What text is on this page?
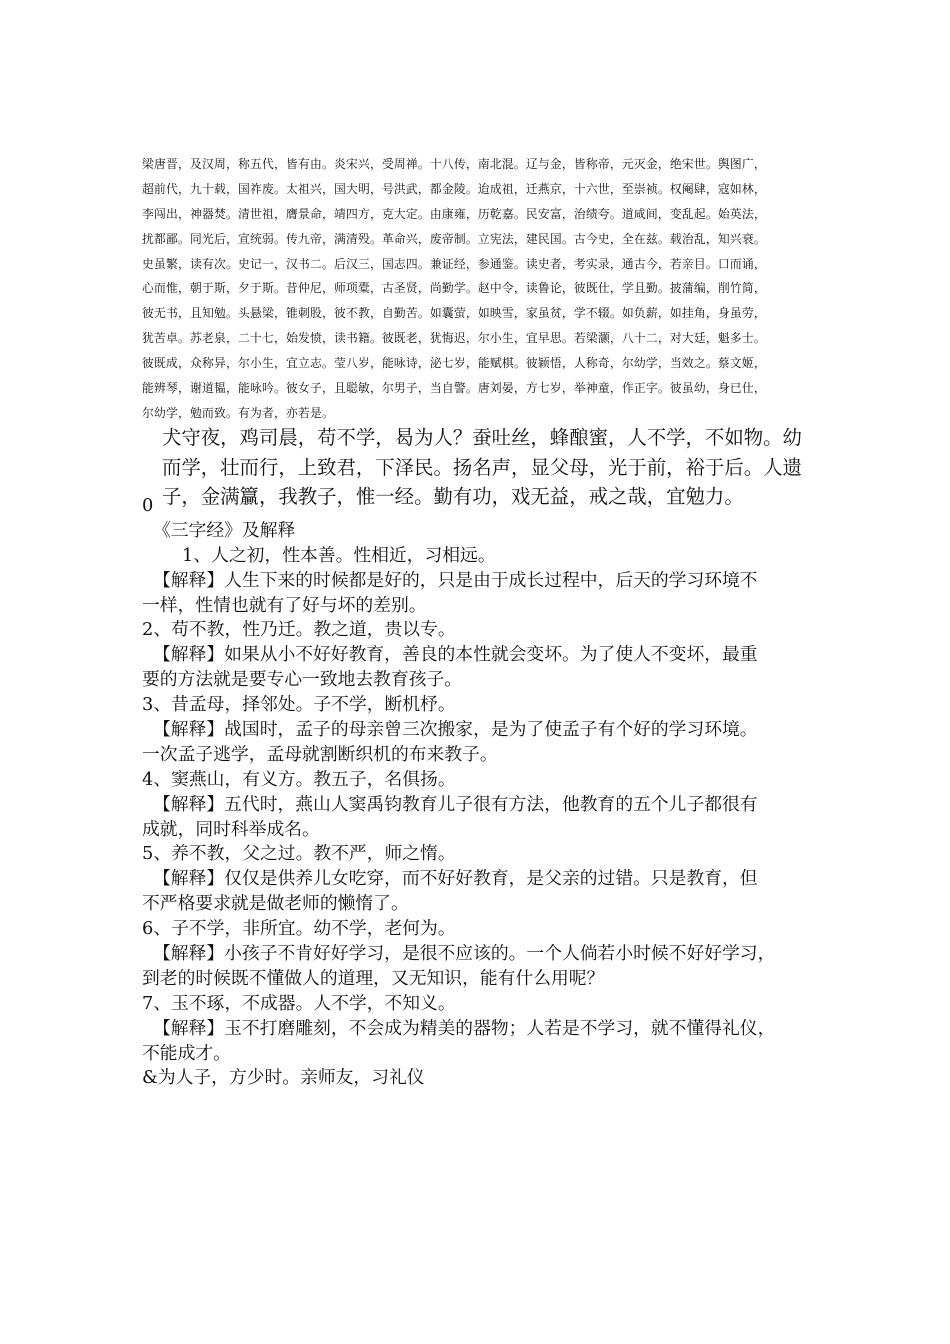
梁唐晋，及汉周，称五代，皆有由。炎宋兴，受周禅。十八传，南北混。辽与金，皆称帝，元灭金，绝宋世。舆图广，
超前代，九十载，国祚废。太祖兴，国大明，号洪武，都金陵。迨成祖，迁燕京，十六世，至崇祯。权阉肆，寇如林，
李闯出，神器焚。清世祖，膺景命，靖四方，克大定。由康雍，历乾嘉。民安富，治绩夸。道咸间，变乱起。始英法，
扰都鄙。同光后，宣统弱。传九帝，满清殁。革命兴，废帝制。立宪法，建民国。古今史，全在兹。载治乱，知兴衰。
史虽繁，读有次。史记一，汉书二。后汉三，国志四。兼证经，参通鉴。读史者，考实录，通古今，若亲目。口而诵，
心而惟，朝于斯，夕于斯。昔仲尼，师项橐，古圣贤，尚勤学。赵中令，读鲁论，彼既仕，学且勤。披蒲编，削竹简，
彼无书，且知勉。头悬梁，锥刺股，彼不教，自勤苦。如囊萤，如映雪，家虽贫，学不辍。如负薪，如挂角，身虽劳，
犹苦卓。苏老泉，二十七，始发愤，读书籍。彼既老，犹悔迟，尔小生，宜早思。若梁灏，八十二，对大廷，魁多士。
彼既成，众称异，尔小生，宜立志。莹八岁，能咏诗，泌七岁，能赋棋。彼颖悟，人称奇，尔幼学，当效之。蔡文姬，
能辨琴，谢道韫，能咏吟。彼女子，且聪敏，尔男子，当自警。唐刘晏，方七岁，举神童，作正字。彼虽幼，身已仕，
尔幼学，勉而致。有为者，亦若是。
犬守夜，鸡司晨，苟不学，曷为人？蚕吐丝，蜂酿蜜，人不学，不如物。幼
而学，壮而行，上致君，下泽民。扬名声，显父母，光于前，裕于后。人遗
子，金满籯，我教子，惟一经。勤有功，戏无益，戒之哉，宜勉力。
0
《三字经》及解释
1、人之初，性本善。性相近，习相远。
【解释】人生下来的时候都是好的，只是由于成长过程中，后天的学习环境不
一样，性情也就有了好与坏的差别。
2、苟不教，性乃迁。教之道，贵以专。
【解释】如果从小不好好教育，善良的本性就会变坏。为了使人不变坏，最重
要的方法就是要专心一致地去教育孩子。
3、昔孟母，择邻处。子不学，断机杼。
【解释】战国时，孟子的母亲曾三次搬家，是为了使孟子有个好的学习环境。
一次孟子逃学，孟母就割断织机的布来教子。
4、窦燕山，有义方。教五子，名俱扬。
【解释】五代时，燕山人窦禹钧教育儿子很有方法，他教育的五个儿子都很有
成就，同时科举成名。
5、养不教，父之过。教不严，师之惰。
【解释】仅仅是供养儿女吃穿，而不好好教育，是父亲的过错。只是教育，但
不严格要求就是做老师的懒惰了。
6、子不学，非所宜。幼不学，老何为。
【解释】小孩子不肯好好学习，是很不应该的。一个人倘若小时候不好好学习，
到老的时候既不懂做人的道理，又无知识，能有什么用呢？
7、玉不琢，不成器。人不学，不知义。
【解释】玉不打磨雕刻，不会成为精美的器物；人若是不学习，就不懂得礼仪，
不能成才。
&为人子，方少时。亲师友，习礼仪
